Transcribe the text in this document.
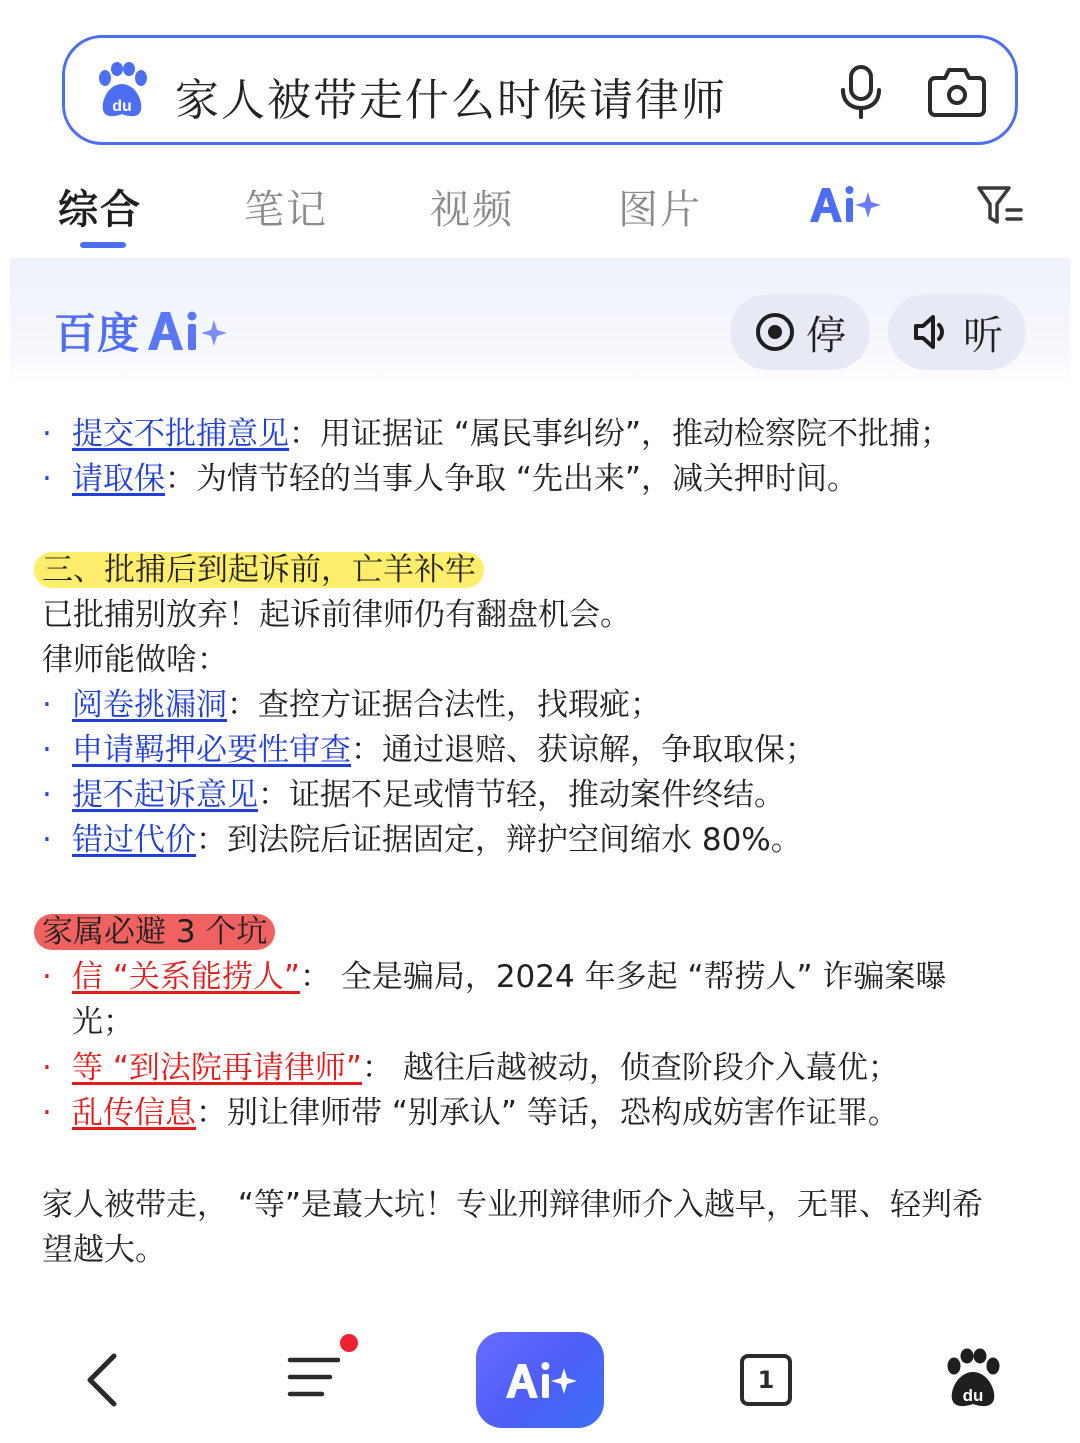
du 家人被带走什么时候请律师
综合	笔记	视频	图片
百度	停	听
· 提交不批捕意见：用证据证 “属民事纠纷”，推动检察院不批捕；
· 请取保：为情节轻的当事人争取 “先出来”，减关押时间。
三、批捕后到起诉前，亡羊补牢
已批捕别放弃！起诉前律师仍有翻盘机会。
律师能做啥：
· 阅卷挑漏洞：查控方证据合法性，找瑕疵；
· 申请羁押必要性审查：通过退赔、获谅解，争取取保；
· 提不起诉意见：证据不足或情节轻，推动案件终结。
· 错过代价：到法院后证据固定，辩护空间缩水 80%。
家属必避 3 个坑
· 信 “关系能捞人”： 全是骗局，2024 年多起 “帮捞人” 诈骗案曝
光；
· 等 “到法院再请律师”： 越往后越被动，侦查阶段介入蕞优；
· 乱传信息：别让律师带 “别承认” 等话，恐构成妨害作证罪。
家人被带走， “等”是蕞大坑！专业刑辩律师介入越早，无罪、轻判希
望越大。
1
du
